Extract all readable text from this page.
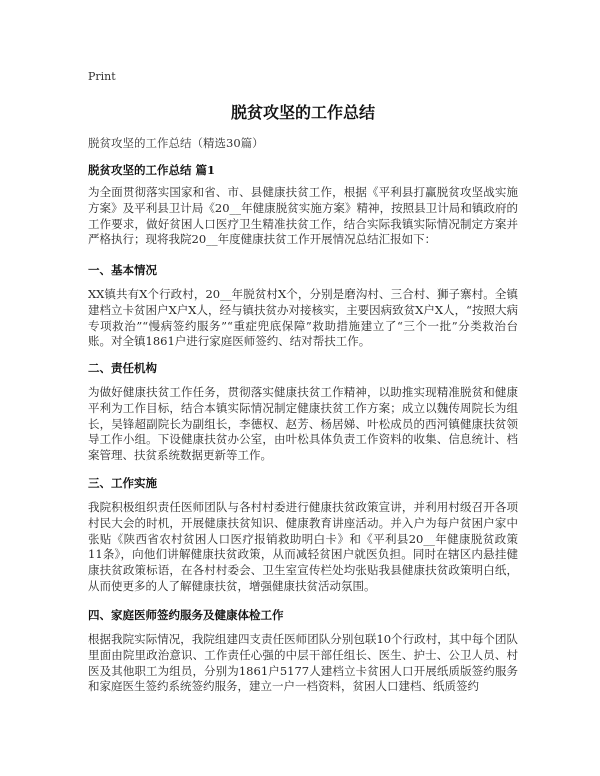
Print
脱贫攻坚的工作总结
脱贫攻坚的工作总结（精选30篇）
脱贫攻坚的工作总结 篇1

为全面贯彻落实国家和省、市、县健康扶贫工作，根据《平利县打赢脱贫攻坚战实施方案》及平利县卫计局《20__年健康脱贫实施方案》精神，按照县卫计局和镇政府的工作要求，做好贫困人口医疗卫生精准扶贫工作，结合实际我镇实际情况制定方案并严格执行；现将我院20__年度健康扶贫工作开展情况总结汇报如下：

一、基本情况

XX镇共有X个行政村，20__年脱贫村X个，分别是磨沟村、三合村、狮子寨村。全镇建档立卡贫困户X户X人，经与镇扶贫办对接核实，主要因病致贫X户X人，“按照大病专项救治”“慢病签约服务”“重症兜底保障”救助措施建立了“三个一批”分类救治台账。对全镇1861户进行家庭医师签约、结对帮扶工作。

二、责任机构

为做好健康扶贫工作任务，贯彻落实健康扶贫工作精神，以助推实现精准脱贫和健康平利为工作目标，结合本镇实际情况制定健康扶贫工作方案；成立以魏传周院长为组长，吴锋超副院长为副组长，李德权、赵芳、杨居娣、叶松成员的西河镇健康扶贫领导工作小组。下设健康扶贫办公室，由叶松具体负责工作资料的收集、信息统计、档案管理、扶贫系统数据更新等工作。

三、工作实施

我院积极组织责任医师团队与各村村委进行健康扶贫政策宣讲，并利用村级召开各项村民大会的时机，开展健康扶贫知识、健康教育讲座活动。并入户为每户贫困户家中张贴《陕西省农村贫困人口医疗报销救助明白卡》和《平利县20__年健康脱贫政策11条》，向他们讲解健康扶贫政策，从而减轻贫困户就医负担。同时在辖区内悬挂健康扶贫政策标语，在各村村委会、卫生室宣传栏处均张贴我县健康扶贫政策明白纸，从而使更多的人了解健康扶贫，增强健康扶贫活动氛围。

四、家庭医师签约服务及健康体检工作

根据我院实际情况，我院组建四支责任医师团队分别包联10个行政村，其中每个团队里面由院里政治意识、工作责任心强的中层干部任组长、医生、护士、公卫人员、村医及其他职工为组员，分别为1861户5177人建档立卡贫困人口开展纸质版签约服务和家庭医生签约系统签约服务，建立一户一档资料，贫困人口建档、纸质签约
